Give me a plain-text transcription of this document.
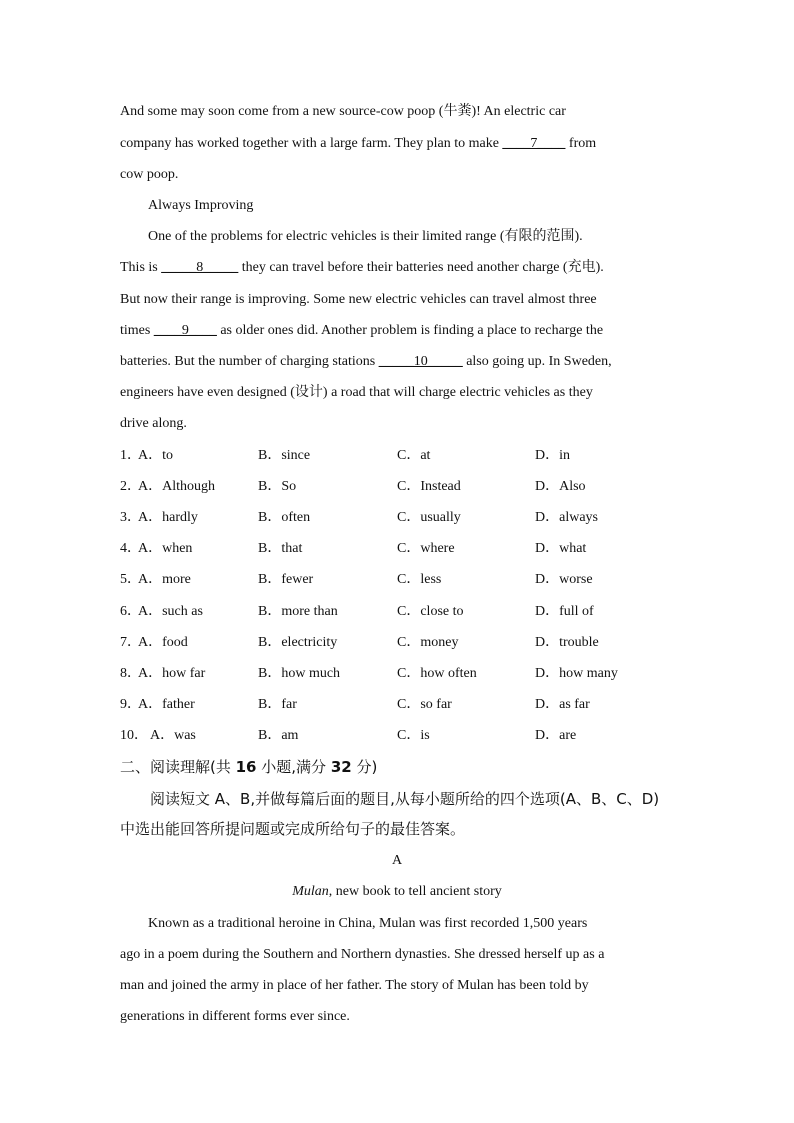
And some may soon come from a new source-cow poop (牛粪)! An electric car
company has worked together with a large farm. They plan to make ____7____ from
cow poop.
Always Improving
One of the problems for electric vehicles is their limited range (有限的范围).
This is _____8_____ they can travel before their batteries need another charge (充电).
But now their range is improving. Some new electric vehicles can travel almost three
times ____9____ as older ones did. Another problem is finding a place to recharge the
batteries. But the number of charging stations _____10_____ also going up. In Sweden,
engineers have even designed (设计) a road that will charge electric vehicles as they
drive along.
1．
A．to	B．since	C．at	D．in
2．
A．Although	B．So	C．Instead	D．Also
3．
A．hardly	B．often	C．usually	D．always
4．
A．when	B．that	C．where	D．what
5．
A．more	B．fewer	C．less	D．worse
6．
A．such as	B．more than	C．close to	D．full of
7．
A．food	B．electricity	C．money	D．trouble
8．
A．how far	B．how much	C．how often	D．how many
9．
A．father	B．far	C．so far	D．as far
10． A．was	B．am	C．is	D．are
二、阅读理解(共 16 小题,满分 32 分)
阅读短文 A、B,并做每篇后面的题目,从每小题所给的四个选项(A、B、C、D)
中选出能回答所提问题或完成所给句子的最佳答案。
A
Mulan, new book to tell ancient story
Known as a traditional heroine in China, Mulan was first recorded 1,500 years
ago in a poem during the Southern and Northern dynasties. She dressed herself up as a
man and joined the army in place of her father. The story of Mulan has been told by
generations in different forms ever since.
